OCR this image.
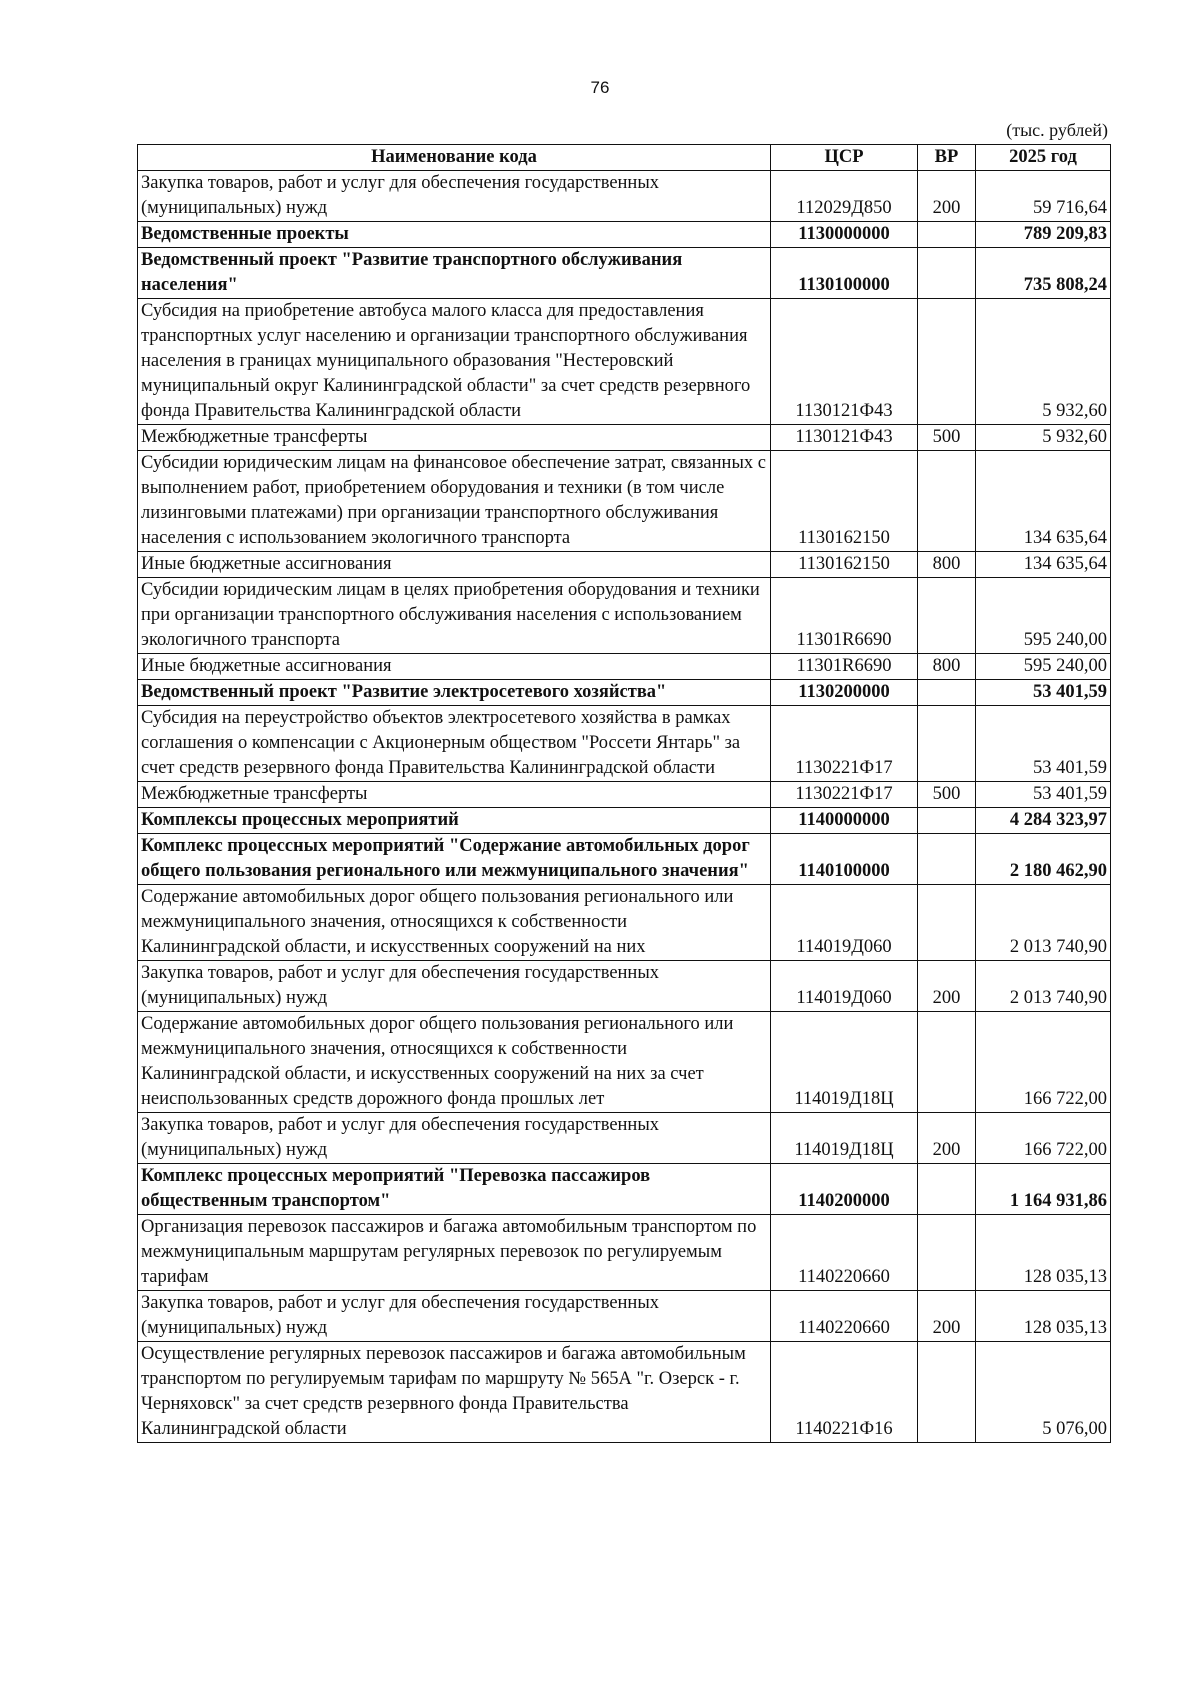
76
(тыс. рублей)
Наименование кода	ЦСР	ВР	2025 год
Закупка товаров, работ и услуг для обеспечения государственных (муниципальных) нужд	112029Д850	200	59 716,64
Ведомственные проекты	1130000000		789 209,83
Ведомственный проект "Развитие транспортного обслуживания населения"	1130100000		735 808,24
Субсидия на приобретение автобуса малого класса для предоставления транспортных услуг населению и организации транспортного обслуживания населения в границах муниципального образования "Нестеровский муниципальный округ Калининградской области" за счет средств резервного фонда Правительства Калининградской области	1130121Ф43		5 932,60
Межбюджетные трансферты	1130121Ф43	500	5 932,60
Субсидии юридическим лицам на финансовое обеспечение затрат, связанных с выполнением работ, приобретением оборудования и техники (в том числе лизинговыми платежами) при организации транспортного обслуживания населения с использованием экологичного транспорта	1130162150		134 635,64
Иные бюджетные ассигнования	1130162150	800	134 635,64
Субсидии юридическим лицам в целях приобретения оборудования и техники при организации транспортного обслуживания населения с использованием экологичного транспорта	11301R6690		595 240,00
Иные бюджетные ассигнования	11301R6690	800	595 240,00
Ведомственный проект "Развитие электросетевого хозяйства"	1130200000		53 401,59
Субсидия на переустройство объектов электросетевого хозяйства в рамках соглашения о компенсации с Акционерным обществом "Россети Янтарь" за счет средств резервного фонда Правительства Калининградской области	1130221Ф17		53 401,59
Межбюджетные трансферты	1130221Ф17	500	53 401,59
Комплексы процессных мероприятий	1140000000		4 284 323,97
Комплекс процессных мероприятий "Содержание автомобильных дорог общего пользования регионального или межмуниципального значения"	1140100000		2 180 462,90
Содержание автомобильных дорог общего пользования регионального или межмуниципального значения, относящихся к собственности Калининградской области, и искусственных сооружений на них	114019Д060		2 013 740,90
Закупка товаров, работ и услуг для обеспечения государственных (муниципальных) нужд	114019Д060	200	2 013 740,90
Содержание автомобильных дорог общего пользования регионального или межмуниципального значения, относящихся к собственности Калининградской области, и искусственных сооружений на них за счет неиспользованных средств дорожного фонда прошлых лет	114019Д18Ц		166 722,00
Закупка товаров, работ и услуг для обеспечения государственных (муниципальных) нужд	114019Д18Ц	200	166 722,00
Комплекс процессных мероприятий "Перевозка пассажиров общественным транспортом"	1140200000		1 164 931,86
Организация перевозок пассажиров и багажа автомобильным транспортом по межмуниципальным маршрутам регулярных перевозок по регулируемым тарифам	1140220660		128 035,13
Закупка товаров, работ и услуг для обеспечения государственных (муниципальных) нужд	1140220660	200	128 035,13
Осуществление регулярных перевозок пассажиров и багажа автомобильным транспортом по регулируемым тарифам по маршруту № 565А "г. Озерск - г. Черняховск" за счет средств резервного фонда Правительства Калининградской области	1140221Ф16		5 076,00
